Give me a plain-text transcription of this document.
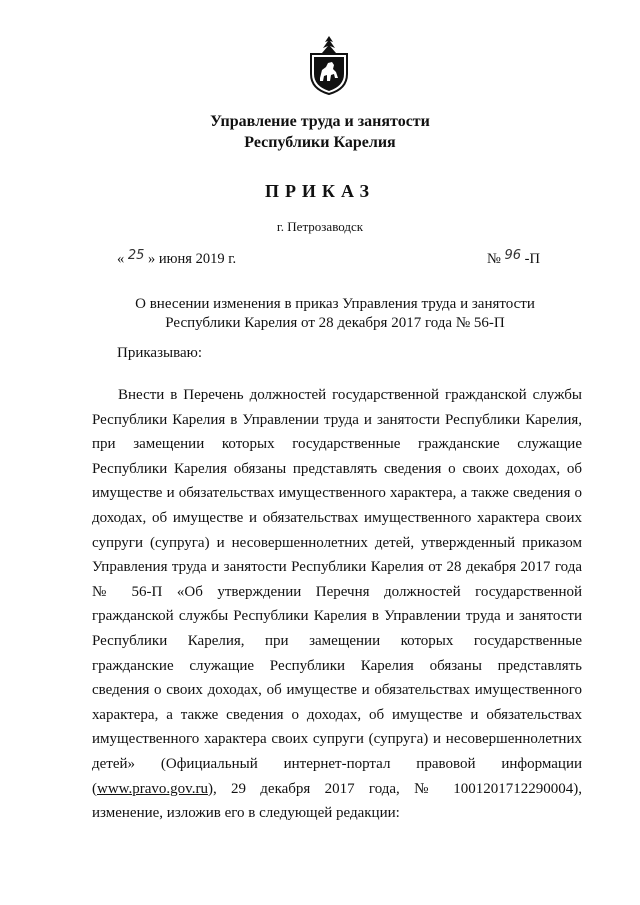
Управление труда и занятости
Республики Карелия
ПРИКАЗ
г. Петрозаводск
« 25 » июня 2019 г.	№ 96 -П
О внесении изменения в приказ Управления труда и занятости
Республики Карелия от 28 декабря 2017 года № 56-П
Приказываю:

Внести в Перечень должностей государственной гражданской службы Республики Карелия в Управлении труда и занятости Республики Карелия, при замещении которых государственные гражданские служащие Республики Карелия обязаны представлять сведения о своих доходах, об имуществе и обязательствах имущественного характера, а также сведения о доходах, об имуществе и обязательствах имущественного характера своих супруги (супруга) и несовершеннолетних детей, утвержденный приказом Управления труда и занятости Республики Карелия от 28 декабря 2017 года № 56-П «Об утверждении Перечня должностей государственной гражданской службы Республики Карелия в Управлении труда и занятости Республики Карелия, при замещении которых государственные гражданские служащие Республики Карелия обязаны представлять сведения о своих доходах, об имуществе и обязательствах имущественного характера, а также сведения о доходах, об имуществе и обязательствах имущественного характера своих супруги (супруга) и несовершеннолетних детей» (Официальный интернет-портал правовой информации (www.pravo.gov.ru), 29 декабря 2017 года, № 1001201712290004), изменение, изложив его в следующей редакции:
